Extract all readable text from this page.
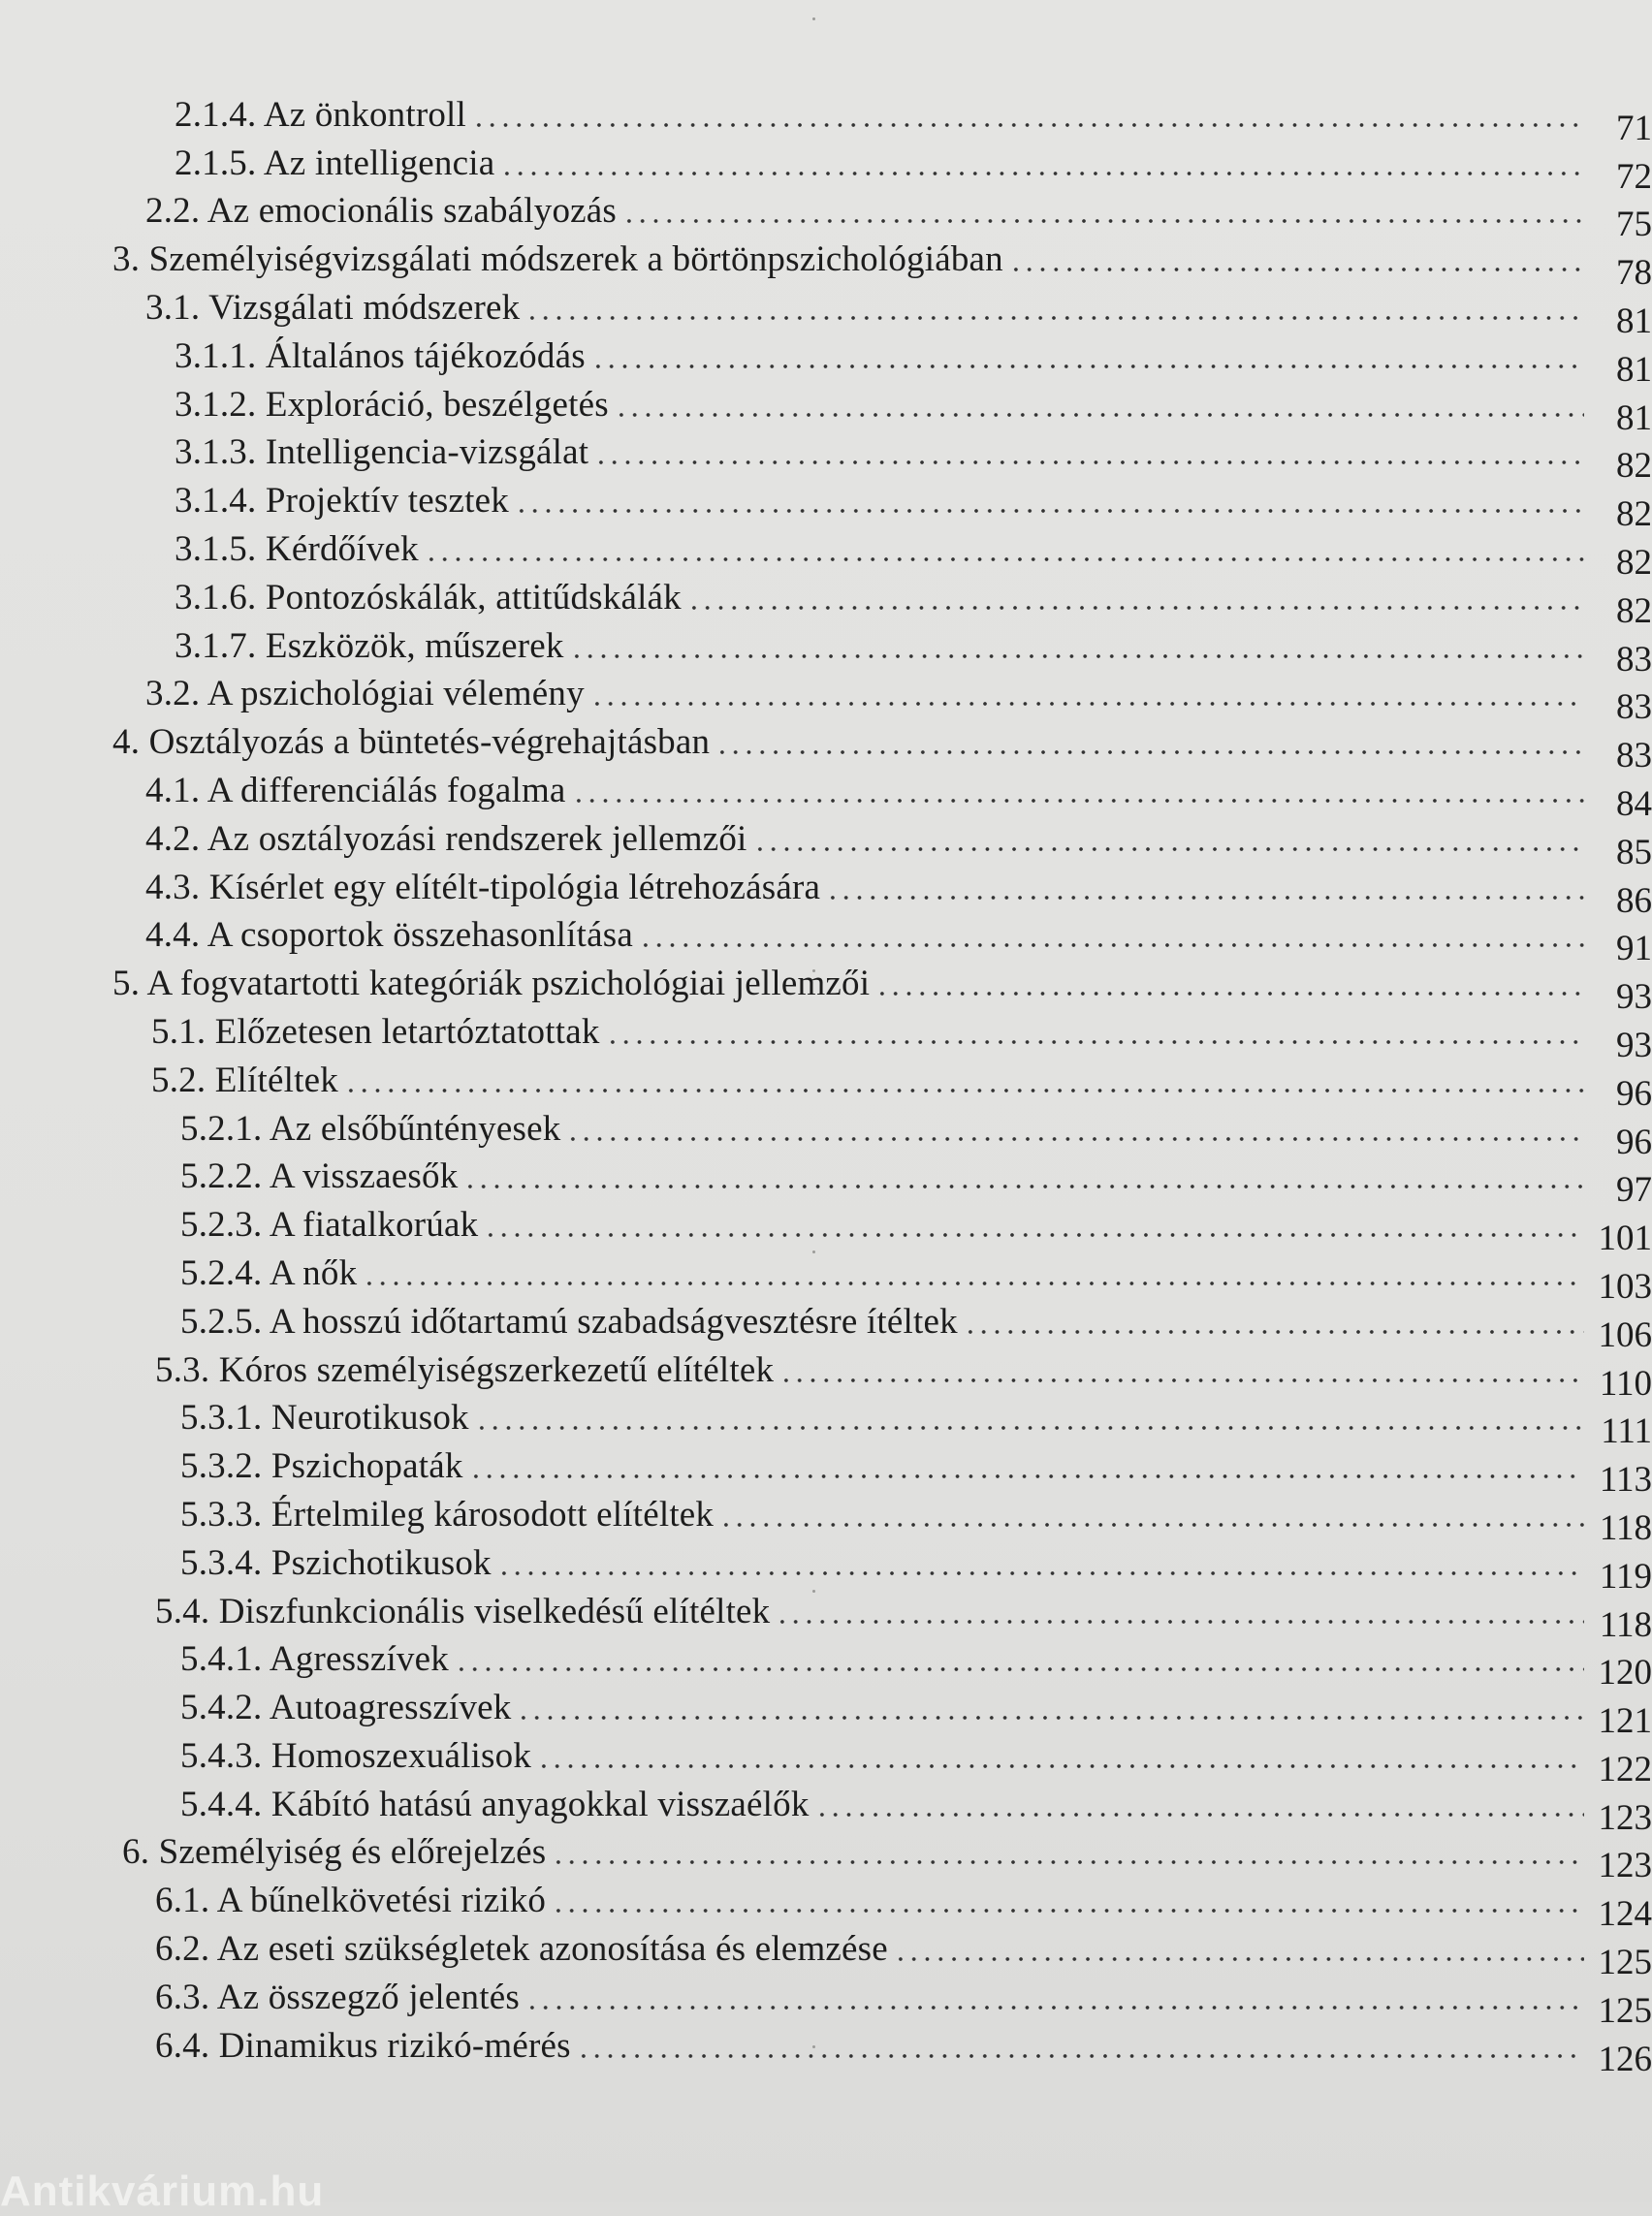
2.1.4. Az önkontroll	71
2.1.5. Az intelligencia	72
2.2. Az emocionális szabályozás	75
3. Személyiségvizsgálati módszerek a börtönpszichológiában	78
3.1. Vizsgálati módszerek	81
3.1.1. Általános tájékozódás	81
3.1.2. Exploráció, beszélgetés	81
3.1.3. Intelligencia-vizsgálat	82
3.1.4. Projektív tesztek	82
3.1.5. Kérdőívek	82
3.1.6. Pontozóskálák, attitűdskálák	82
3.1.7. Eszközök, műszerek	83
3.2. A pszichológiai vélemény	83
4. Osztályozás a büntetés-végrehajtásban	83
4.1. A differenciálás fogalma	84
4.2. Az osztályozási rendszerek jellemzői	85
4.3. Kísérlet egy elítélt-tipológia létrehozására	86
4.4. A csoportok összehasonlítása	91
5. A fogvatartotti kategóriák pszichológiai jellemzői	93
5.1. Előzetesen letartóztatottak	93
5.2. Elítéltek	96
5.2.1. Az elsőbűntényesek	96
5.2.2. A visszaesők	97
5.2.3. A fiatalkorúak	101
5.2.4. A nők	103
5.2.5. A hosszú időtartamú szabadságvesztésre ítéltek	106
5.3. Kóros személyiségszerkezetű elítéltek	110
5.3.1. Neurotikusok	111
5.3.2. Pszichopaták	113
5.3.3. Értelmileg károsodott elítéltek	118
5.3.4. Pszichotikusok	119
5.4. Diszfunkcionális viselkedésű elítéltek	118
5.4.1. Agresszívek	120
5.4.2. Autoagresszívek	121
5.4.3. Homoszexuálisok	122
5.4.4. Kábító hatású anyagokkal visszaélők	123
6. Személyiség és előrejelzés	123
6.1. A bűnelkövetési rizikó	124
6.2. Az eseti szükségletek azonosítása és elemzése	125
6.3. Az összegző jelentés	125
6.4. Dinamikus rizikó-mérés	126
Antikvárium.hu
